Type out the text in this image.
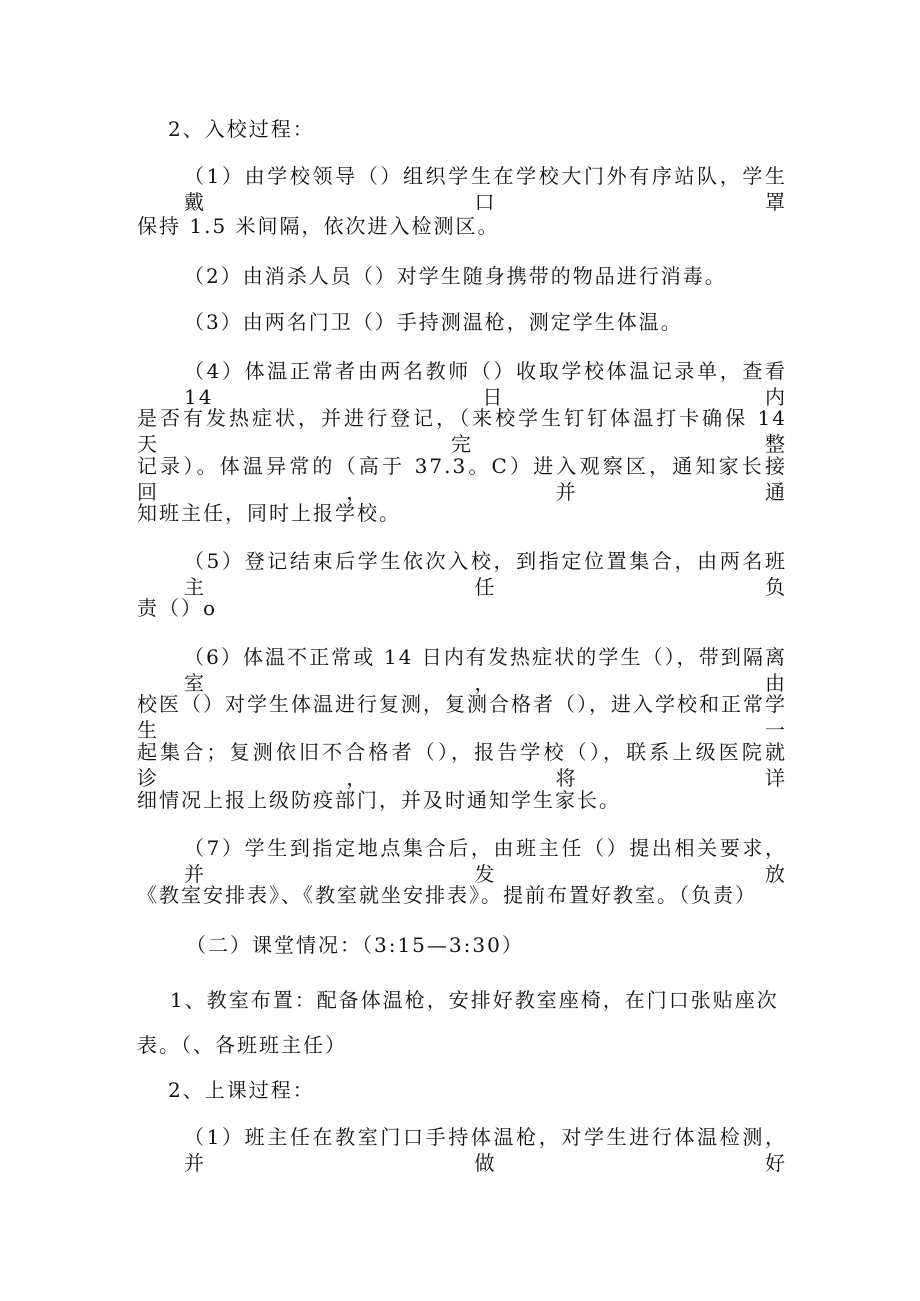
2、入校过程：
（1）由学校领导（）组织学生在学校大门外有序站队，学生戴口罩
保持 1.5 米间隔，依次进入检测区。
（2）由消杀人员（）对学生随身携带的物品进行消毒。
（3）由两名门卫（）手持测温枪，测定学生体温。
（4）体温正常者由两名教师（）收取学校体温记录单，查看 14 日内
是否有发热症状，并进行登记，（来校学生钉钉体温打卡确保 14 天完整
记录）。体温异常的（高于 37.3。C）进入观察区，通知家长接回，并通
知班主任，同时上报学校。
（5）登记结束后学生依次入校，到指定位置集合，由两名班主任负
责（）o
（6）体温不正常或 14 日内有发热症状的学生（），带到隔离室，由
校医（）对学生体温进行复测，复测合格者（），进入学校和正常学生一
起集合；复测依旧不合格者（），报告学校（），联系上级医院就诊，将详
细情况上报上级防疫部门，并及时通知学生家长。
（7）学生到指定地点集合后，由班主任（）提出相关要求，并发放
《教室安排表》、《教室就坐安排表》。提前布置好教室。（负责）
（二）课堂情况：（3:15—3:30）
1、教室布置：配备体温枪，安排好教室座椅，在门口张贴座次
表。（、各班班主任）
2、上课过程：
（1）班主任在教室门口手持体温枪，对学生进行体温检测，并做好
